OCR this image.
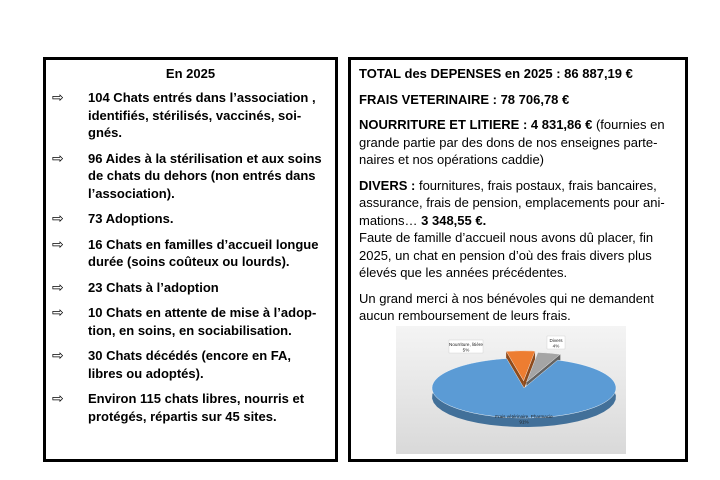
En 2025
⇨ 104 Chats entrés dans l’association , identifiés, stérilisés, vaccinés, soi-gnés.
⇨ 96 Aides à la stérilisation et aux soins de chats du dehors (non entrés dans l’association).
⇨ 73 Adoptions.
⇨ 16 Chats en familles d’accueil longue durée (soins coûteux ou lourds).
⇨ 23 Chats à l’adoption
⇨ 10 Chats en attente de mise à l’adop-tion, en soins, en sociabilisation.
⇨ 30 Chats décédés (encore en FA, libres ou adoptés).
⇨ Environ 115 chats libres, nourris et protégés, répartis sur 45 sites.

TOTAL des DEPENSES en 2025 : 86 887,19 €

FRAIS VETERINAIRE : 78 706,78 €

NOURRITURE ET LITIERE : 4 831,86 € (fournies en grande partie par des dons de nos enseignes parte-naires et nos opérations caddie)

DIVERS : fournitures, frais postaux, frais bancaires, assurance, frais de pension, emplacements pour ani-mations… 3 348,55 €.

Faute de famille d’accueil nous avons dû placer, fin 2025, un chat en pension d’où des frais divers plus élevés que les années précédentes.

Un grand merci à nos bénévoles qui ne demandent aucun remboursement de leurs frais.

Frais vétérinaire, Pharmacie
91%
Nourriture, litière
5%
Divers
4%
